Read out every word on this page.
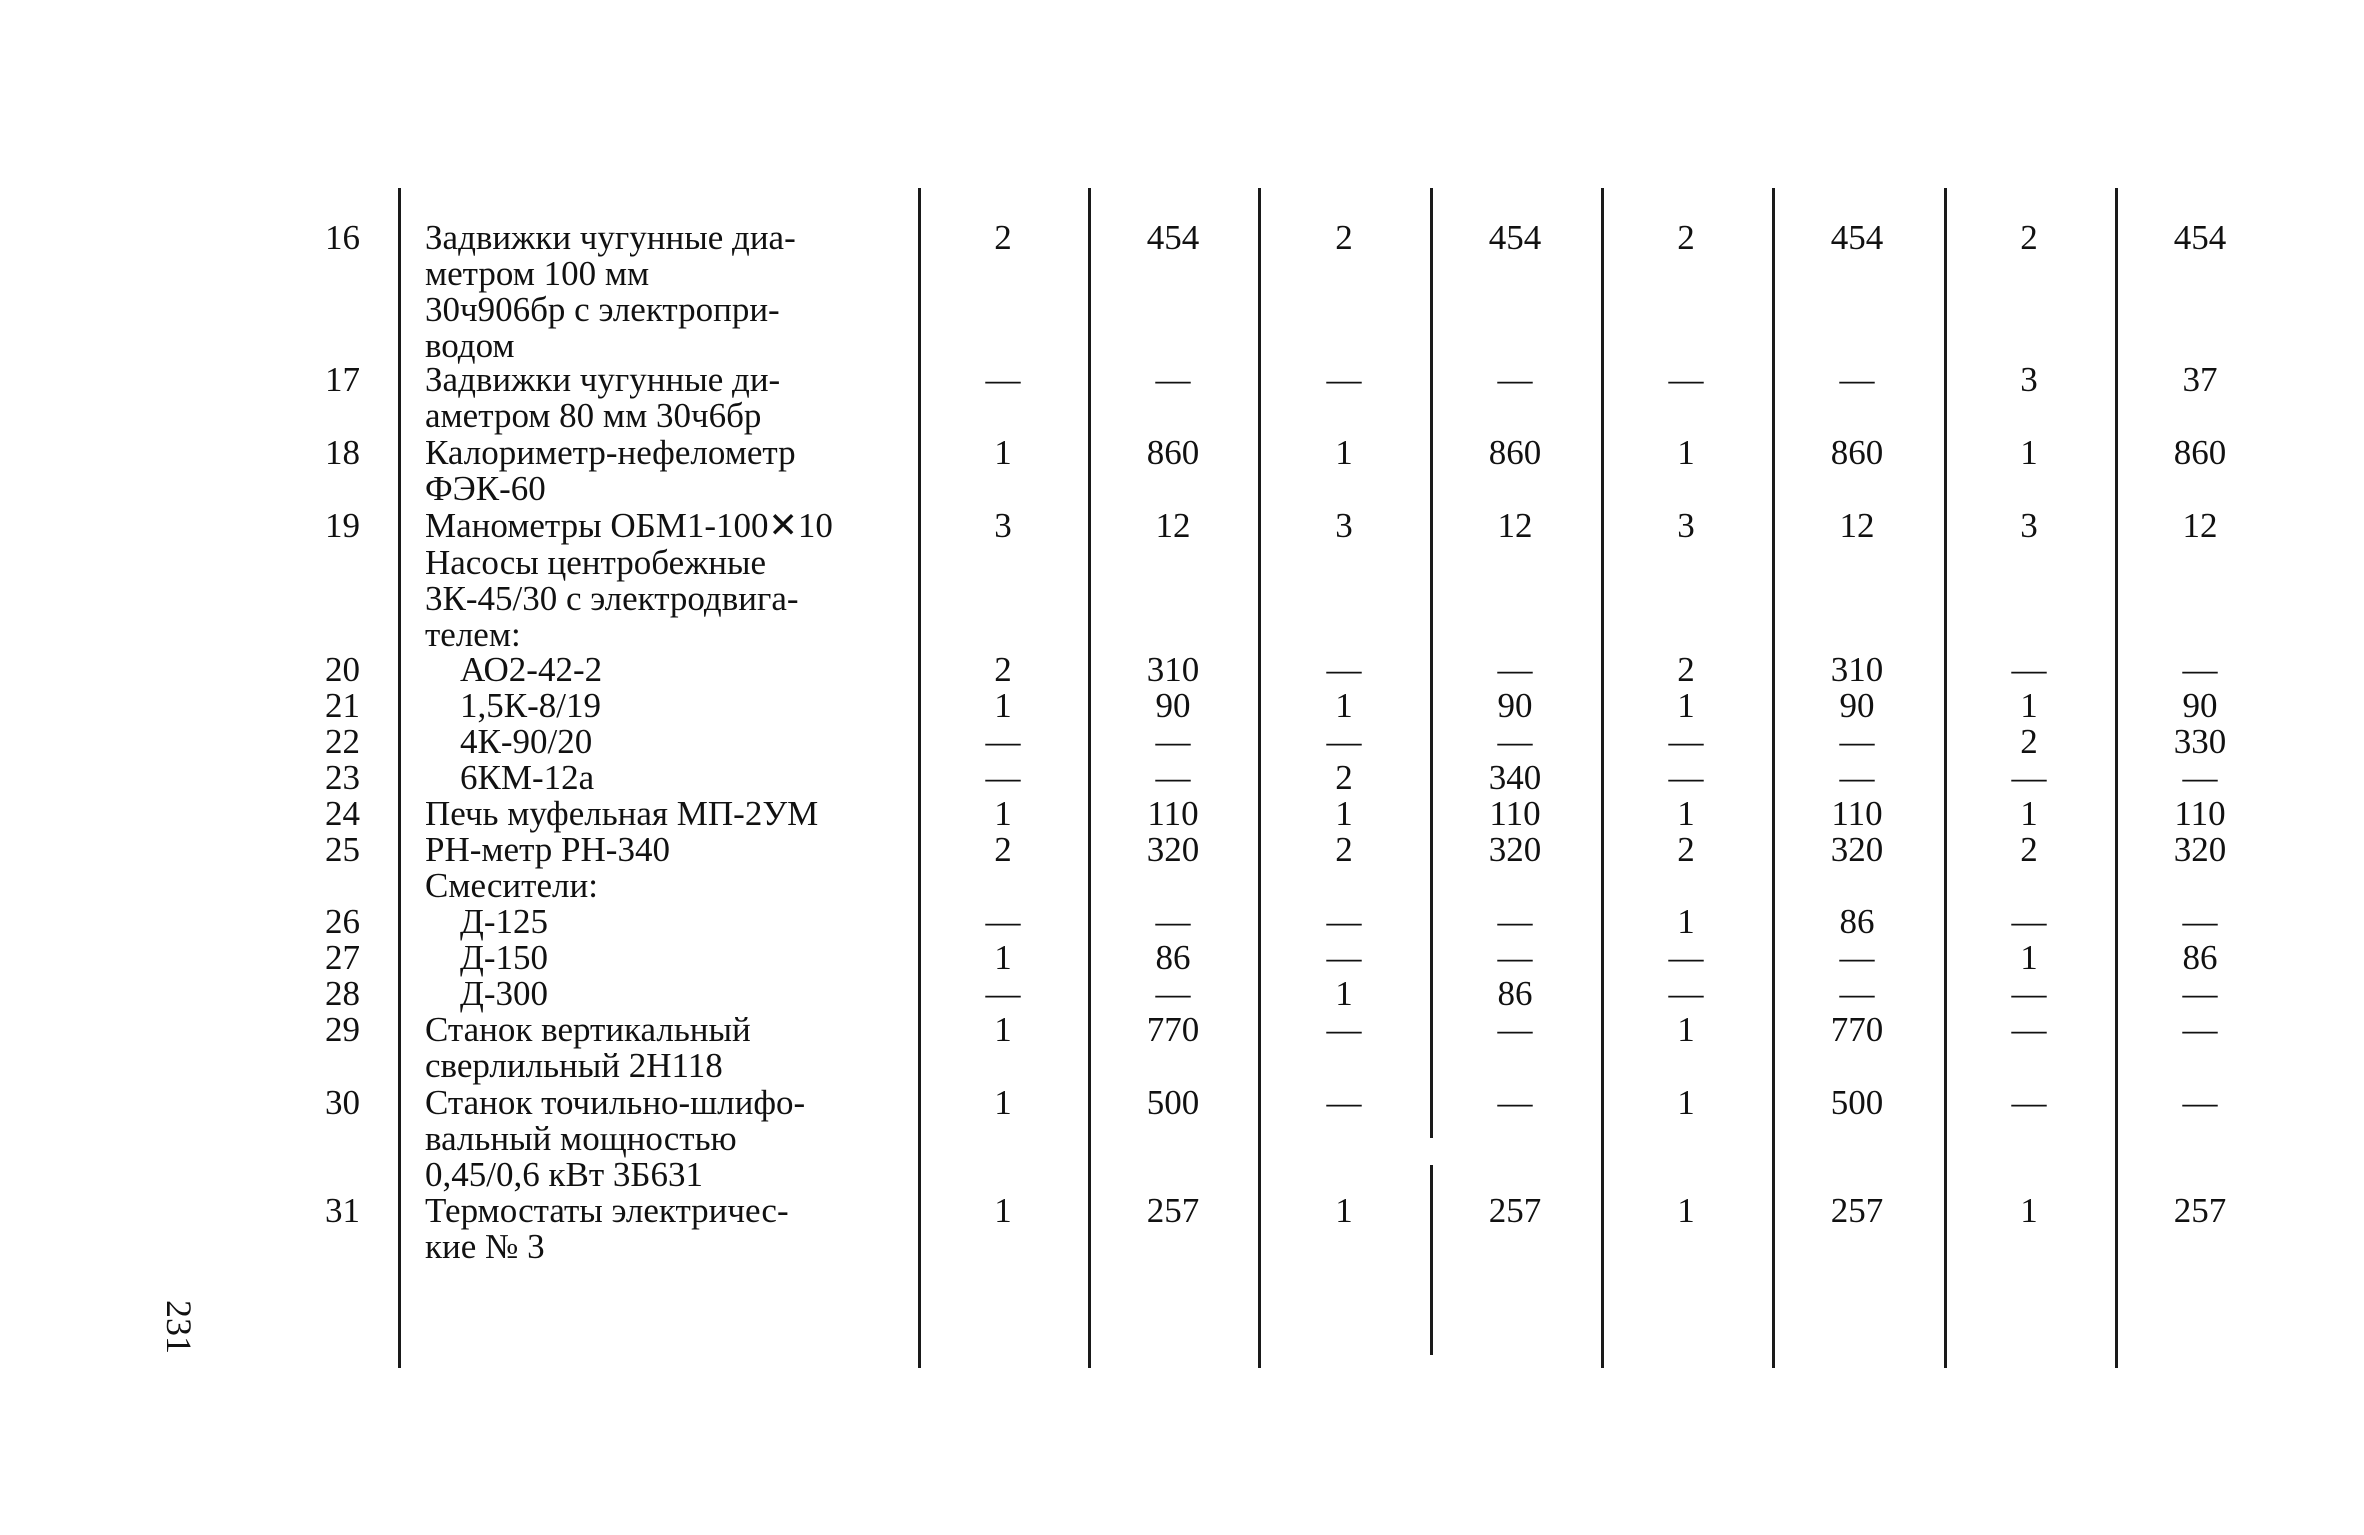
231
16 Задвижки чугунные диа-
метром 100 мм
30ч906бр с электропри-
водом
2	454	2	454	2	454	2	454
17 Задвижки чугунные ди-
аметром 80 мм 30ч6бр
—	—	—	—	—	—	3	37
18 Калориметр-нефелометр
ФЭК-60
1	860	1	860	1	860	1	860
19 Манометры ОБМ1-100✕10	3	12	3	12	3	12	3	12
Насосы центробежные
3К-45/30 с электродвига-
телем:
20	АО2-42-2	2	310	—	—	2	310	—	—
21	1,5К-8/19	1	90	1	90	1	90	1	90
22	4К-90/20	—	—	—	—	—	—	2	330
23	6КМ-12а	—	—	2	340	—	—	—	—
24 Печь муфельная МП-2УМ	1	110	1	110	1	110	1	110
25 РН-метр РН-340	2	320	2	320	2	320	2	320
Смесители:
26	Д-125	—	—	—	—	1	86	—	—
27	Д-150	1	86	—	—	—	—	1	86
28	Д-300	—	—	1	86	—	—	—	—
29 Станок вертикальный
сверлильный 2Н118
1	770	—	—	1	770	—	—
30 Станок точильно-шлифо-
вальный мощностью
0,45/0,6 кВт 3Б631
1	500	—	—	1	500	—	—
31 Термостаты электричес-
кие № 3
1	257	1	257	1	257	1	257
